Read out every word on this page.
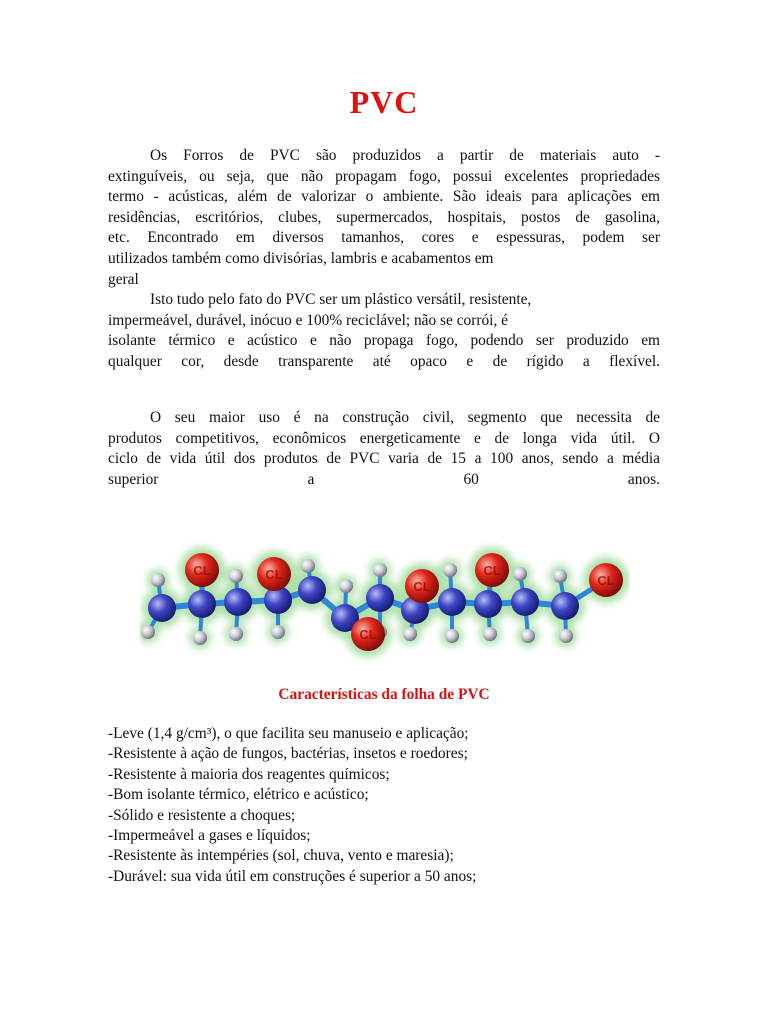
PVC
Os Forros de PVC são produzidos a partir de materiais auto -
extinguíveis, ou seja, que não propagam fogo, possui excelentes propriedades
termo - acústicas, além de valorizar o ambiente. São ideais para aplicações em
residências, escritórios, clubes, supermercados, hospitais, postos de gasolina,
etc. Encontrado em diversos tamanhos, cores e espessuras, podem ser
utilizados também como divisórias, lambris e acabamentos em
geral
Isto tudo pelo fato do PVC ser um plástico versátil, resistente,
impermeável, durável, inócuo e 100% reciclável; não se corrói, é
isolante térmico e acústico e não propaga fogo, podendo ser produzido em
qualquer cor, desde transparente até opaco e de rígido a flexível.
O seu maior uso é na construção civil, segmento que necessita de
produtos competitivos, econômicos energeticamente e de longa vida útil. O
ciclo de vida útil dos produtos de PVC varia de 15 a 100 anos, sendo a média
superior a 60 anos.
CL	CL
CL
CL
CL
CL
Características da folha de PVC
-Leve (1,4 g/cm³), o que facilita seu manuseio e aplicação;
-Resistente à ação de fungos, bactérias, insetos e roedores;
-Resistente à maioria dos reagentes químicos;
-Bom isolante térmico, elétrico e acústico;
-Sólido e resistente a choques;
-Impermeável a gases e líquidos;
-Resistente às intempéries (sol, chuva, vento e maresia);
-Durável: sua vida útil em construções é superior a 50 anos;
